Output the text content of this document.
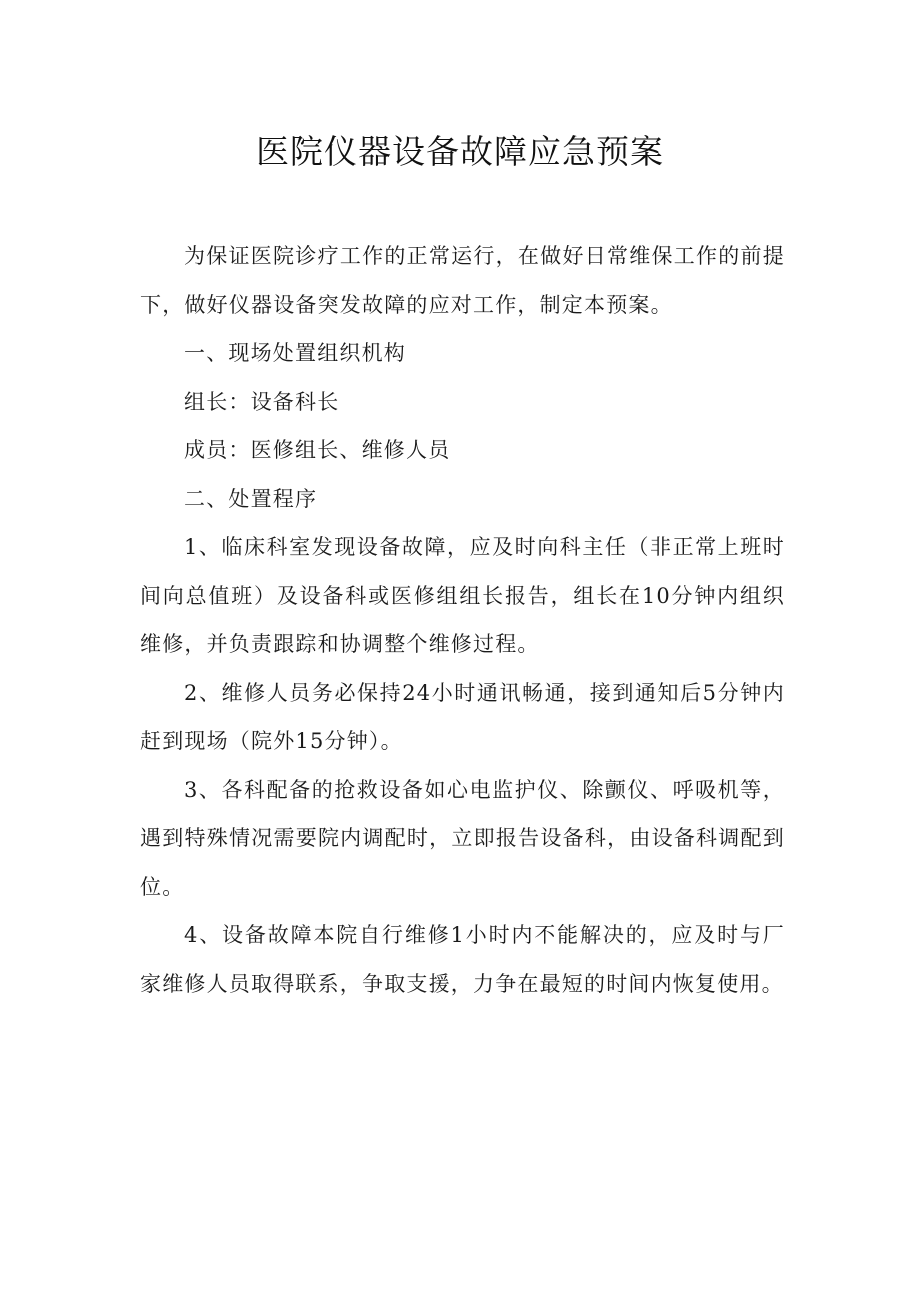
医院仪器设备故障应急预案

为保证医院诊疗工作的正常运行，在做好日常维保工作的前提下，做好仪器设备突发故障的应对工作，制定本预案。

一、现场处置组织机构

组长：设备科长

成员：医修组长、维修人员

二、处置程序

1、临床科室发现设备故障，应及时向科主任（非正常上班时间向总值班）及设备科或医修组组长报告，组长在10分钟内组织维修，并负责跟踪和协调整个维修过程。

2、维修人员务必保持24小时通讯畅通，接到通知后5分钟内赶到现场（院外15分钟）。

3、各科配备的抢救设备如心电监护仪、除颤仪、呼吸机等，遇到特殊情况需要院内调配时，立即报告设备科，由设备科调配到位。

4、设备故障本院自行维修1小时内不能解决的，应及时与厂家维修人员取得联系，争取支援，力争在最短的时间内恢复使用。
